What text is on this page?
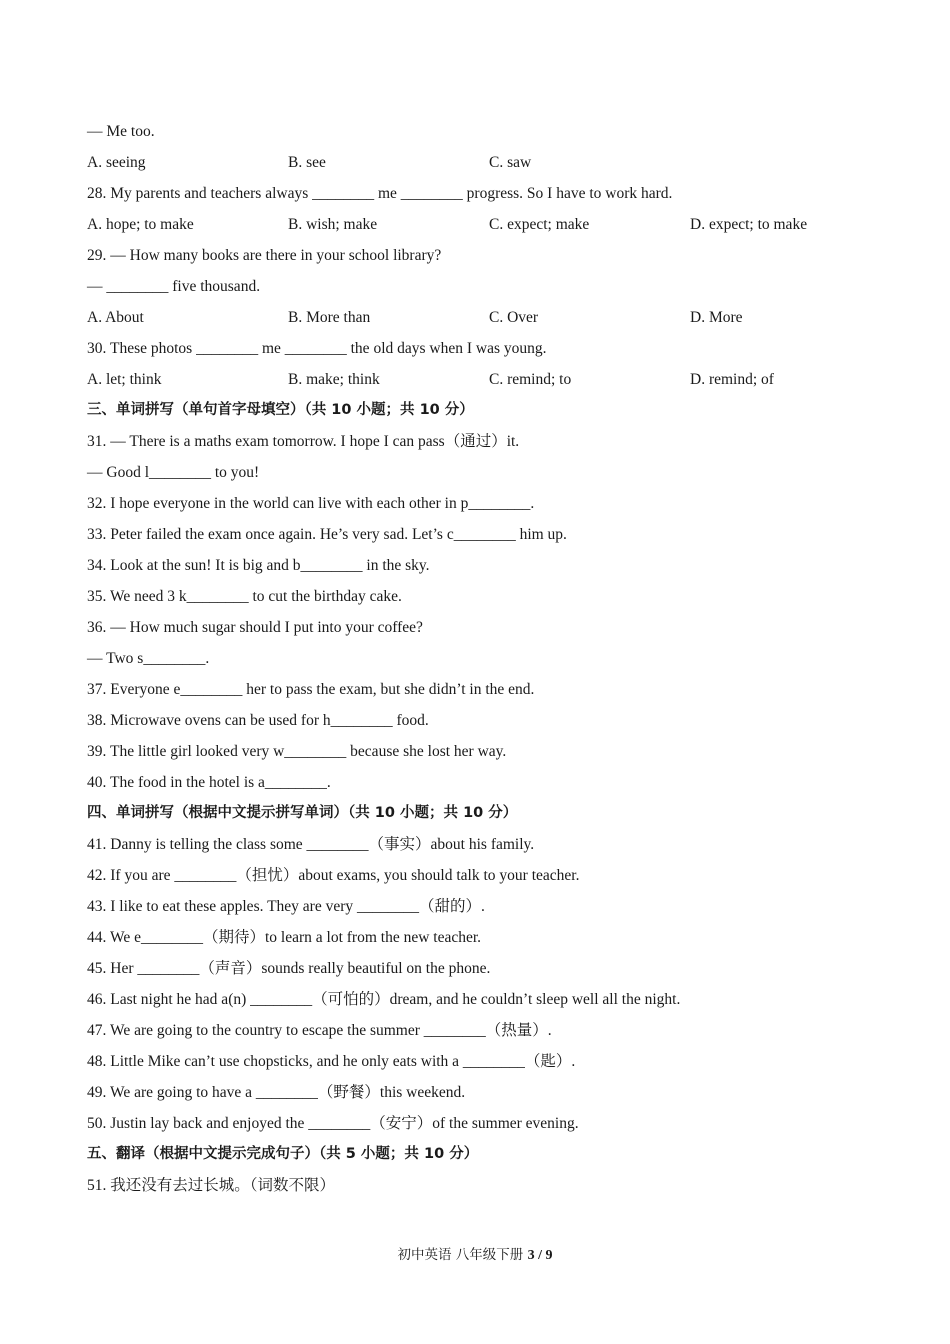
— Me too.
A. seeing	B. see	C. saw
28. My parents and teachers always ________ me ________ progress. So I have to work hard.
A. hope; to make	B. wish; make	C. expect; make	D. expect; to make
29. — How many books are there in your school library?
— ________ five thousand.
A. About	B. More than	C. Over	D. More
30. These photos ________ me ________ the old days when I was young.
A. let; think	B. make; think	C. remind; to	D. remind; of
三、单词拼写（单句首字母填空）（共 10 小题；共 10 分）
31. — There is a maths exam tomorrow. I hope I can pass（通过）it.
— Good l________ to you!
32. I hope everyone in the world can live with each other in p________.
33. Peter failed the exam once again. He’s very sad. Let’s c________ him up.
34. Look at the sun! It is big and b________ in the sky.
35. We need 3 k________ to cut the birthday cake.
36. — How much sugar should I put into your coffee?
— Two s________.
37. Everyone e________ her to pass the exam, but she didn’t in the end.
38. Microwave ovens can be used for h________ food.
39. The little girl looked very w________ because she lost her way.
40. The food in the hotel is a________.
四、单词拼写（根据中文提示拼写单词）（共 10 小题；共 10 分）
41. Danny is telling the class some ________（事实）about his family.
42. If you are ________（担忧）about exams, you should talk to your teacher.
43. I like to eat these apples. They are very ________（甜的）.
44. We e________（期待）to learn a lot from the new teacher.
45. Her ________（声音）sounds really beautiful on the phone.
46. Last night he had a(n) ________（可怕的）dream, and he couldn’t sleep well all the night.
47. We are going to the country to escape the summer ________（热量）.
48. Little Mike can’t use chopsticks, and he only eats with a ________（匙）.
49. We are going to have a ________（野餐）this weekend.
50. Justin lay back and enjoyed the ________（安宁）of the summer evening.
五、翻译（根据中文提示完成句子）（共 5 小题；共 10 分）
51. 我还没有去过长城。（词数不限）
初中英语 八年级下册 3 / 9
